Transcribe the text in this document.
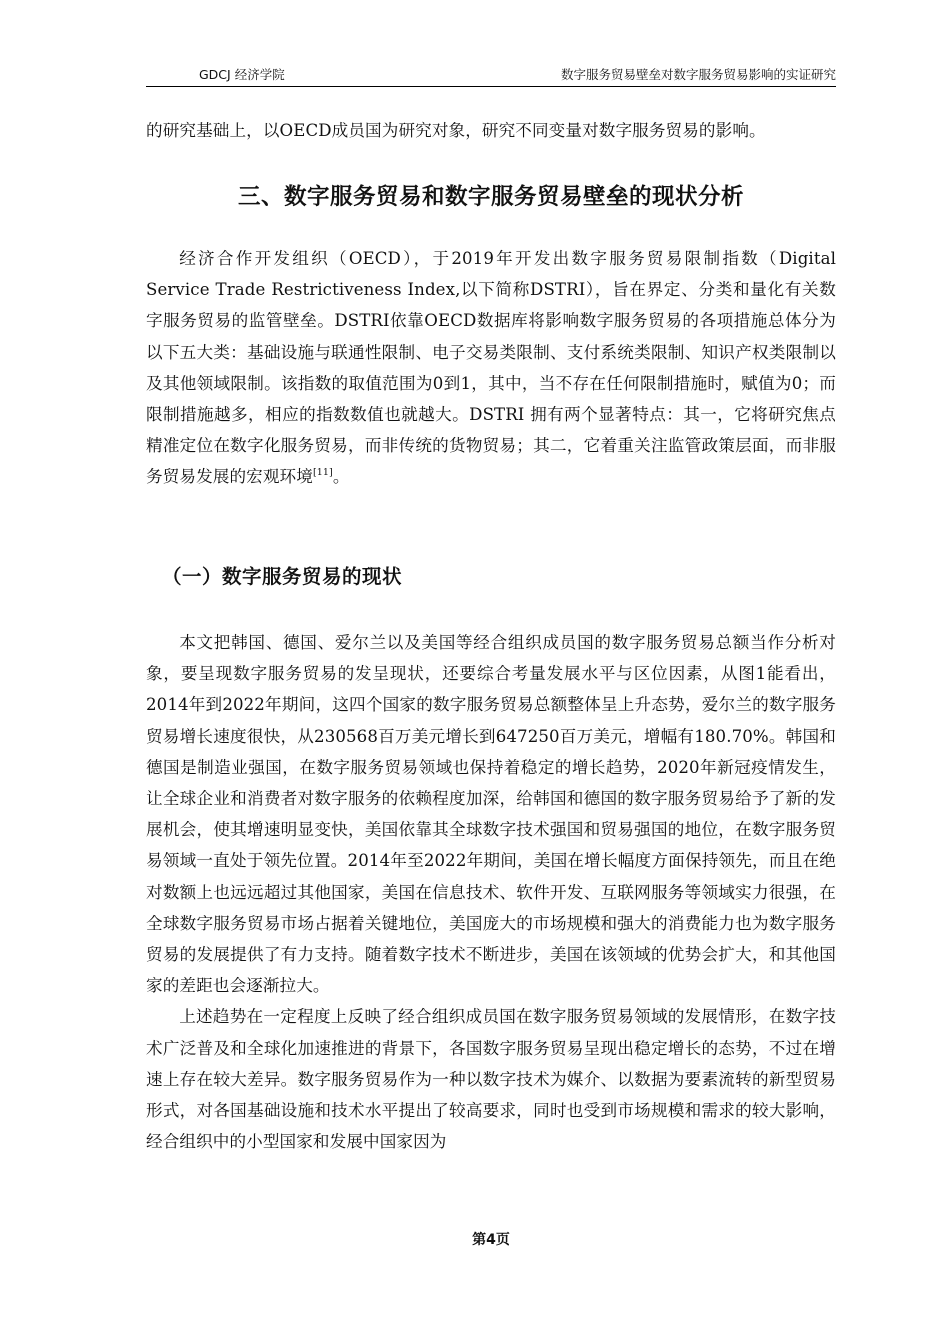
GDCJ 经济学院	数字服务贸易壁垒对数字服务贸易影响的实证研究

的研究基础上，以OECD成员国为研究对象，研究不同变量对数字服务贸易的影响。

三、数字服务贸易和数字服务贸易壁垒的现状分析

经济合作开发组织（OECD），于2019年开发出数字服务贸易限制指数（Digital Service Trade Restrictiveness Index,以下简称DSTRI），旨在界定、分类和量化有关数字服务贸易的监管壁垒。DSTRI依靠OECD数据库将影响数字服务贸易的各项措施总体分为以下五大类：基础设施与联通性限制、电子交易类限制、支付系统类限制、知识产权类限制以及其他领域限制。该指数的取值范围为0到1，其中，当不存在任何限制措施时，赋值为0；而限制措施越多，相应的指数数值也就越大。DSTRI 拥有两个显著特点：其一，它将研究焦点精准定位在数字化服务贸易，而非传统的货物贸易；其二，它着重关注监管政策层面，而非服务贸易发展的宏观环境[11]。

（一）数字服务贸易的现状

本文把韩国、德国、爱尔兰以及美国等经合组织成员国的数字服务贸易总额当作分析对象，要呈现数字服务贸易的发呈现状，还要综合考量发展水平与区位因素，从图1能看出，2014年到2022年期间，这四个国家的数字服务贸易总额整体呈上升态势，爱尔兰的数字服务贸易增长速度很快，从230568百万美元增长到647250百万美元，增幅有180.70%。韩国和德国是制造业强国，在数字服务贸易领域也保持着稳定的增长趋势，2020年新冠疫情发生，让全球企业和消费者对数字服务的依赖程度加深，给韩国和德国的数字服务贸易给予了新的发展机会，使其增速明显变快，美国依靠其全球数字技术强国和贸易强国的地位，在数字服务贸易领域一直处于领先位置。2014年至2022年期间，美国在增长幅度方面保持领先，而且在绝对数额上也远远超过其他国家，美国在信息技术、软件开发、互联网服务等领域实力很强，在全球数字服务贸易市场占据着关键地位，美国庞大的市场规模和强大的消费能力也为数字服务贸易的发展提供了有力支持。随着数字技术不断进步，美国在该领域的优势会扩大，和其他国家的差距也会逐渐拉大。

上述趋势在一定程度上反映了经合组织成员国在数字服务贸易领域的发展情形，在数字技术广泛普及和全球化加速推进的背景下，各国数字服务贸易呈现出稳定增长的态势，不过在增速上存在较大差异。数字服务贸易作为一种以数字技术为媒介、以数据为要素流转的新型贸易形式，对各国基础设施和技术水平提出了较高要求，同时也受到市场规模和需求的较大影响，经合组织中的小型国家和发展中国家因为

第4页
